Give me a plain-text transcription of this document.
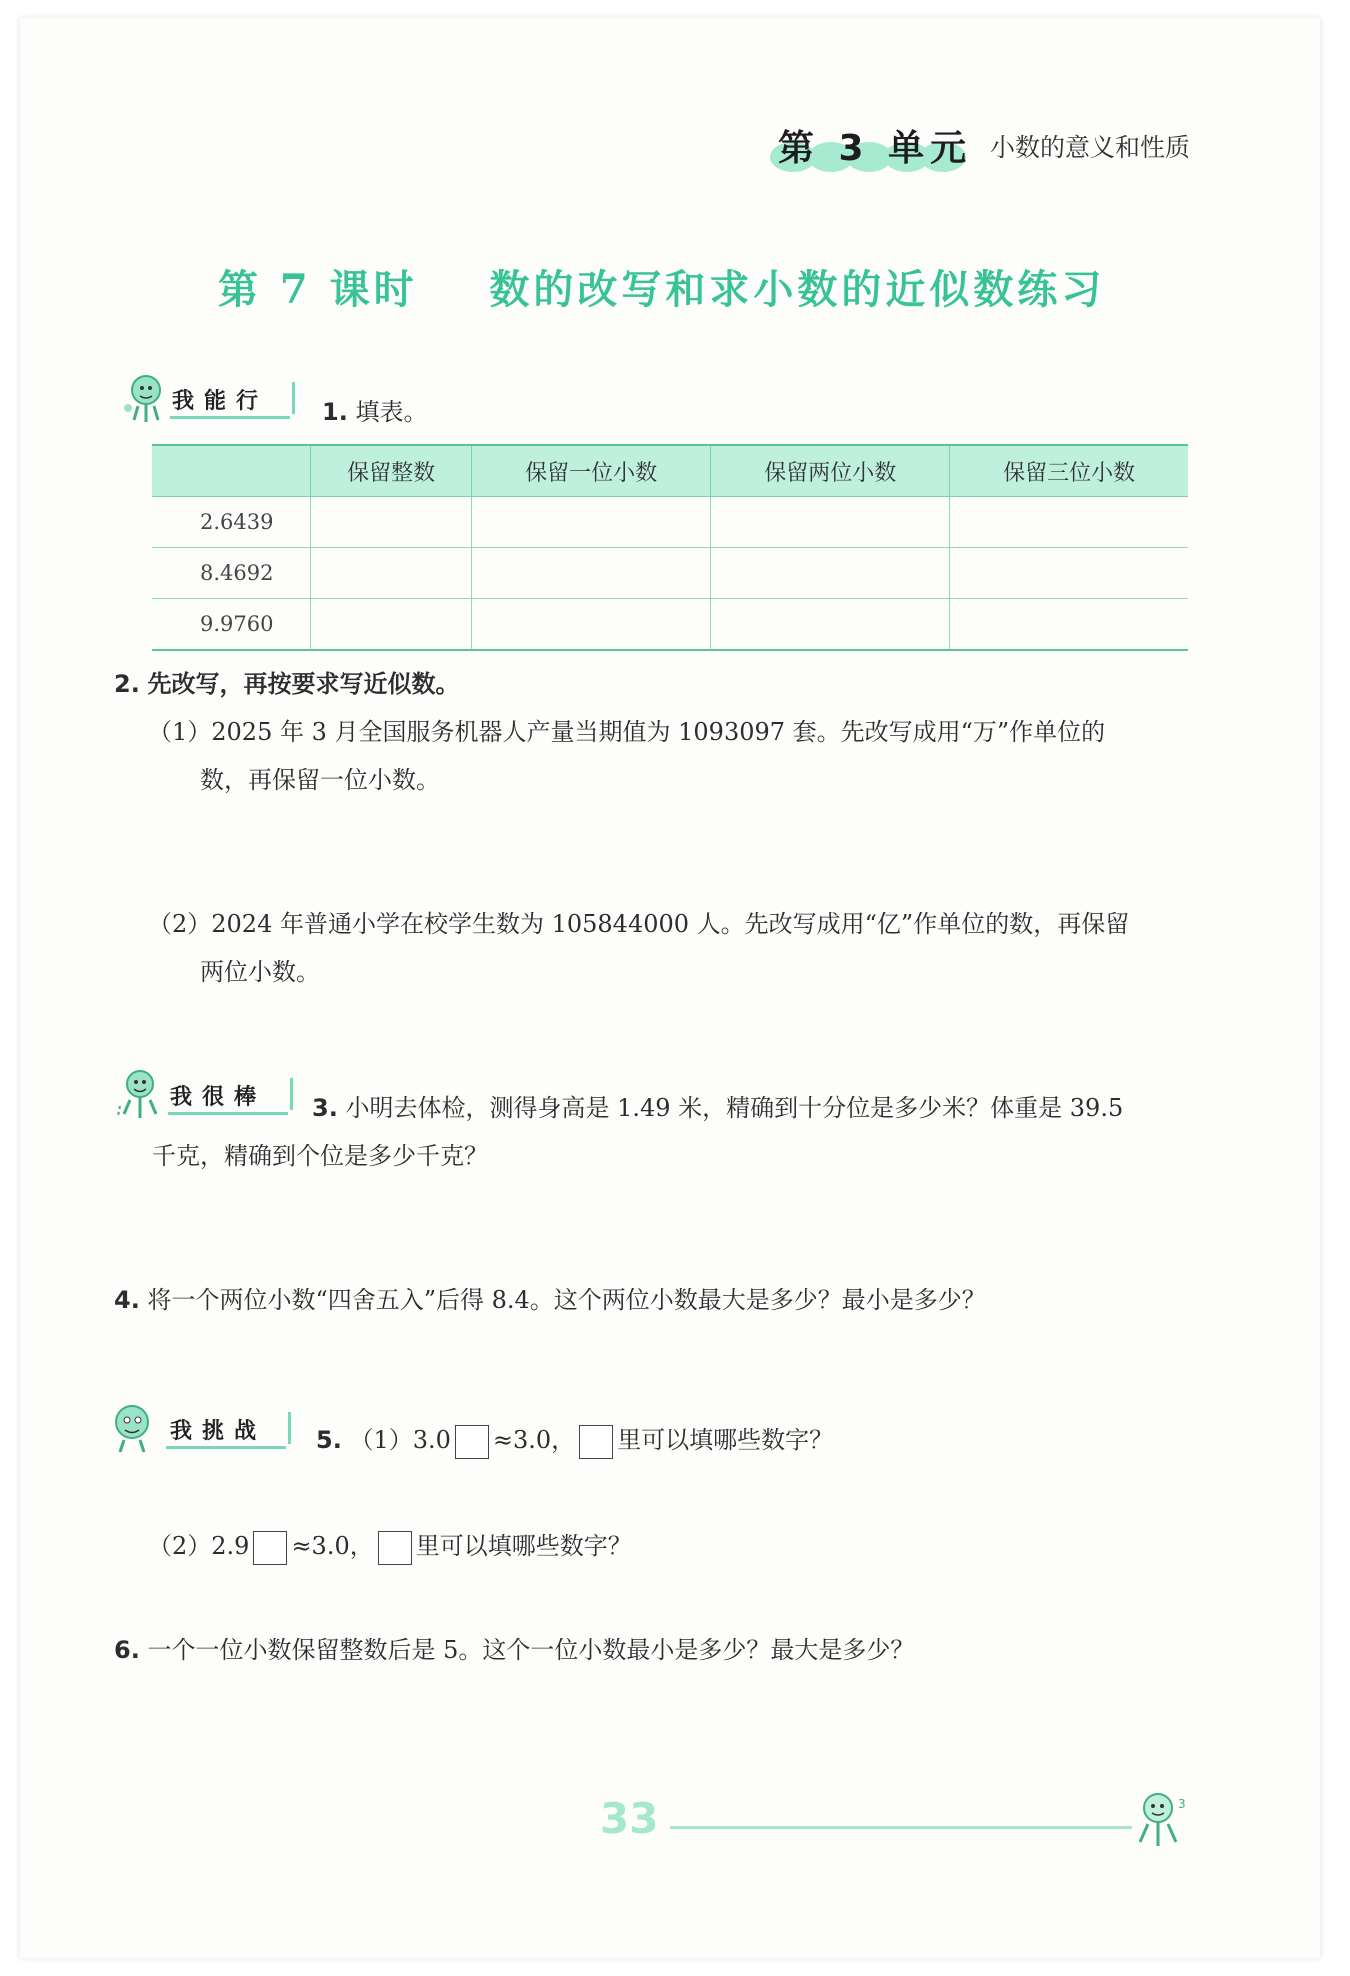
第 3 单元 小数的意义和性质
第 7 课时    数的改写和求小数的近似数练习
我能行 1. 填表。
	保留整数	保留一位小数	保留两位小数	保留三位小数
2.6439				
8.4692				
9.9760				
2. 先改写，再按要求写近似数。
（1）2025 年 3 月全国服务机器人产量当期值为 1093097 套。先改写成用“万”作单位的
数，再保留一位小数。
（2）2024 年普通小学在校学生数为 105844000 人。先改写成用“亿”作单位的数，再保留
两位小数。
我很棒 3. 小明去体检，测得身高是 1.49 米，精确到十分位是多少米？体重是 39.5
千克，精确到个位是多少千克？
4. 将一个两位小数“四舍五入”后得 8.4。这个两位小数最大是多少？最小是多少？
我挑战 5. （1）3.0 ≈3.0， 里可以填哪些数字？
（2）2.9 ≈3.0， 里可以填哪些数字？
6. 一个一位小数保留整数后是 5。这个一位小数最小是多少？最大是多少？
33	3
